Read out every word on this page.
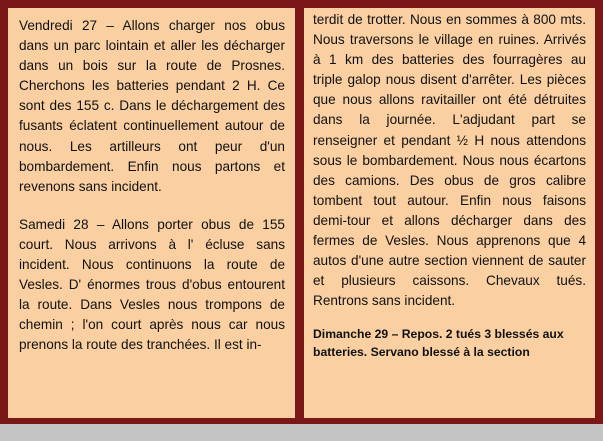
Vendredi 27 – Allons charger nos obus dans un parc lointain et aller les décharger dans un bois sur la route de Prosnes. Cherchons les batteries pendant 2 H. Ce sont des 155 c. Dans le déchargement des fusants éclatent continuellement autour de nous. Les artilleurs ont peur d'un bombardement. Enfin nous partons et revenons sans incident.

Samedi 28 – Allons porter obus de 155 court. Nous arrivons à l' écluse sans incident. Nous continuons la route de Vesles. D' énormes trous d'obus entourent la route. Dans Vesles nous trompons de chemin ; l'on court après nous car nous prenons la route des tranchées. Il est in-

terdit de trotter. Nous en sommes à 800 mts. Nous traversons le village en ruines. Arrivés à 1 km des batteries des fourragères au triple galop nous disent d'arrêter. Les pièces que nous allons ravitailler ont été détruites dans la journée. L'adjudant part se renseigner et pendant ½ H nous attendons sous le bombardement. Nous nous écartons des camions. Des obus de gros calibre tombent tout autour. Enfin nous faisons demi-tour et allons décharger dans des fermes de Vesles. Nous apprenons que 4 autos d'une autre section viennent de sauter et plusieurs caissons. Chevaux tués. Rentrons sans incident.

Dimanche 29 – Repos. 2 tués 3 blessés aux batteries. Servano blessé à la section
